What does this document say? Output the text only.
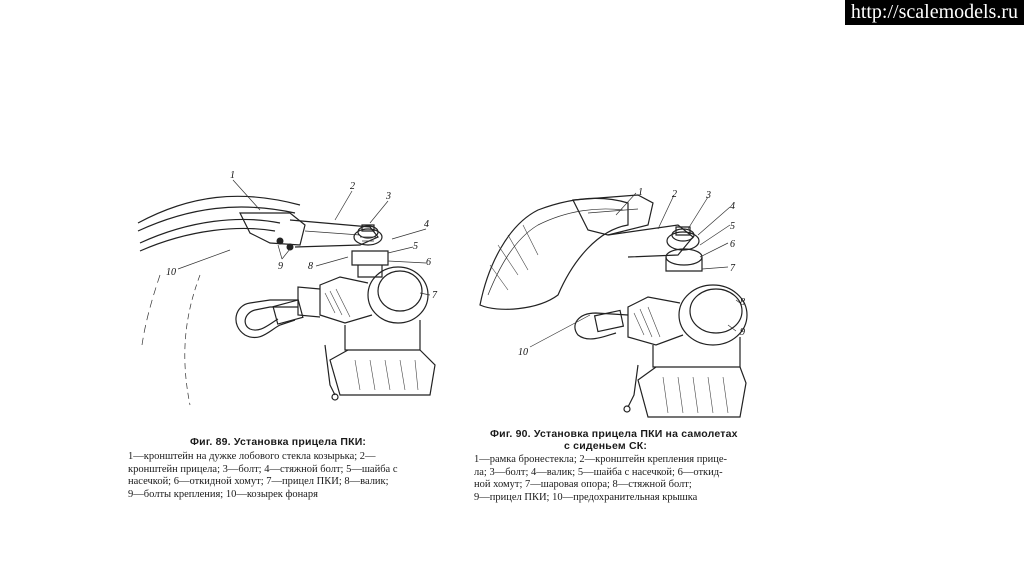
http://scalemodels.ru
1
2
3
4
5
6
7
8
9
10
Фиг. 89. Установка прицела ПКИ:
1—кронштейн на дужке лобового стекла козырька; 2—
кронштейн прицела; 3—болт; 4—стяжной болт; 5—шайба с
насечкой; 6—откидной хомут; 7—прицел ПКИ; 8—валик;
9—болты крепления; 10—козырек фонаря
1	2	3
4
5
6
7
8
9
10
Фиг. 90. Установка прицела ПКИ на самолетах
с сиденьем СК:
1—рамка бронестекла; 2—кронштейн крепления прице-
ла; 3—болт; 4—валик; 5—шайба с насечкой; 6—откид-
ной хомут; 7—шаровая опора; 8—стяжной болт;
9—прицел ПКИ; 10—предохранительная крышка
